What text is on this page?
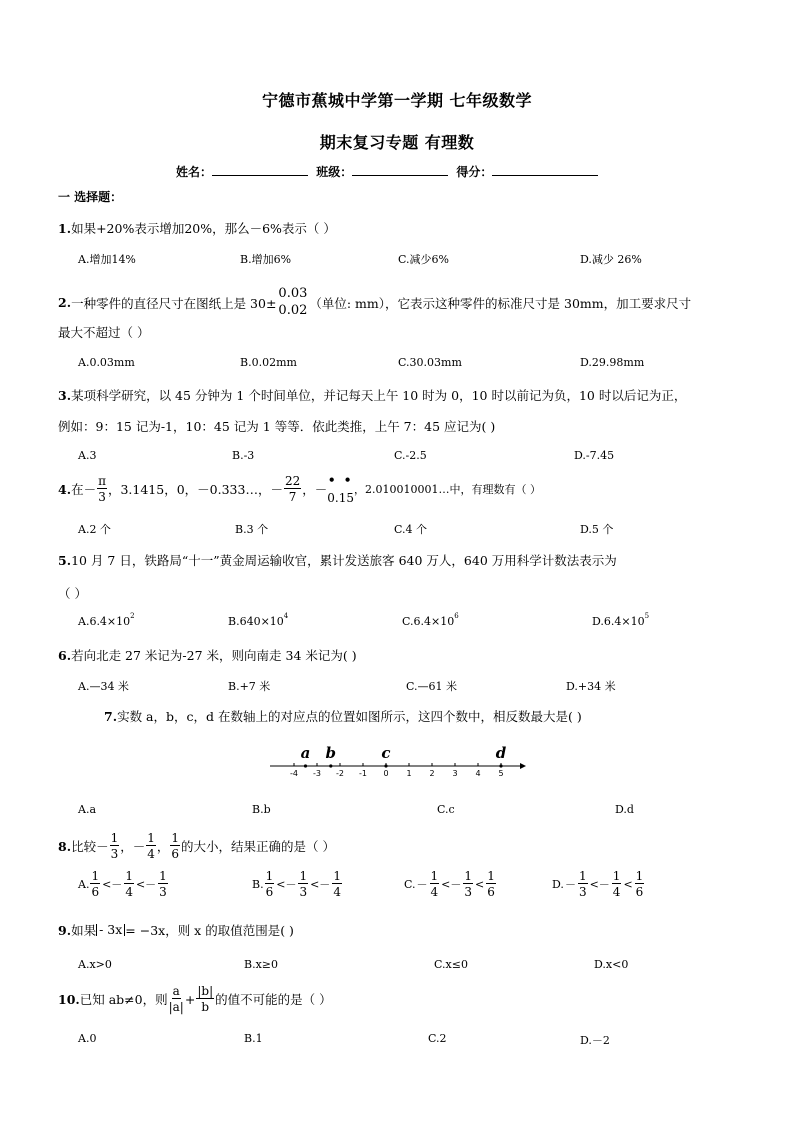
宁德市蕉城中学第一学期 七年级数学
期末复习专题 有理数
姓名：	班级：	得分：
一 选择题：
1.如果+20%表示增加20%，那么－6%表示（ ）
A.增加14%	B.增加6%	C.减少6%	D.减少 26%
2. 一种零件的直径尺寸在图纸上是 30±
0.03
0.02 （单位: mm），它表示这种零件的标准尺寸是 30mm，加工要求尺寸
最大不超过（ ）
A.0.03mm	B.0.02mm	C.30.03mm	D.29.98mm
3.某项科学研究，以 45 分钟为 1 个时间单位，并记每天上午 10 时为 0，10 时以前记为负，10 时以后记为正，
例如：9：15 记为-1，10：45 记为 1 等等．依此类推，上午 7：45 应记为( )
A.3	B.-3	C.-2.5	D.-7.45
4. 在－ $\frac{\pi}{3}$ ，3.1415，0，－0.333…，－ $\frac{22}{7}$ ，－
• •
0.15
，2.010010001…中，有理数有（ ）
A.2 个	B.3 个	C.4 个	D.5 个
5.10 月 7 日，铁路局“十一”黄金周运输收官，累计发送旅客 640 万人，640 万用科学计数法表示为
（ ）
$A.6.4\times 10^2$	$B.640\times 10^4$	$C.6.4\times 10^6$	$D.6.4\times 10^5$
6.若向北走 27 米记为-27 米，则向南走 34 米记为( )
A.—34 米	B.+7 米	C.—61 米	D.+34 米
7.实数 a，b，c，d 在数轴上的对应点的位置如图所示，这四个数中，相反数最大是( )
-4 -3 -2 -1 0 1 2 3 4 5
a b	c	d
A.a	B.b	C.c	D.d
8. 比较－ $\frac{1}{3}$ ，－ $\frac{1}{4}$ ， $\frac{1}{6}$ 的大小，结果正确的是（ ）
A. $\frac{1}{6} <- \frac{1}{4} <- \frac{1}{3}$	B. $\frac{1}{6} <- \frac{1}{3} <- \frac{1}{4}$	C. － $\frac{1}{4} <- \frac{1}{3} < \frac{1}{6}$	D. － $\frac{1}{3} <- \frac{1}{4} < \frac{1}{6}$
9. 如果 - 3x = −3x，则 x 的取值范围是( )
A.x>0	B.x≥0	C.x≤0	D.x<0
10. 已知 ab≠0，则 $\frac{a}{|a|} + \frac{|b|}{b}$ 的值不可能的是（ ）
A.0	B.1	C.2	D.－2
